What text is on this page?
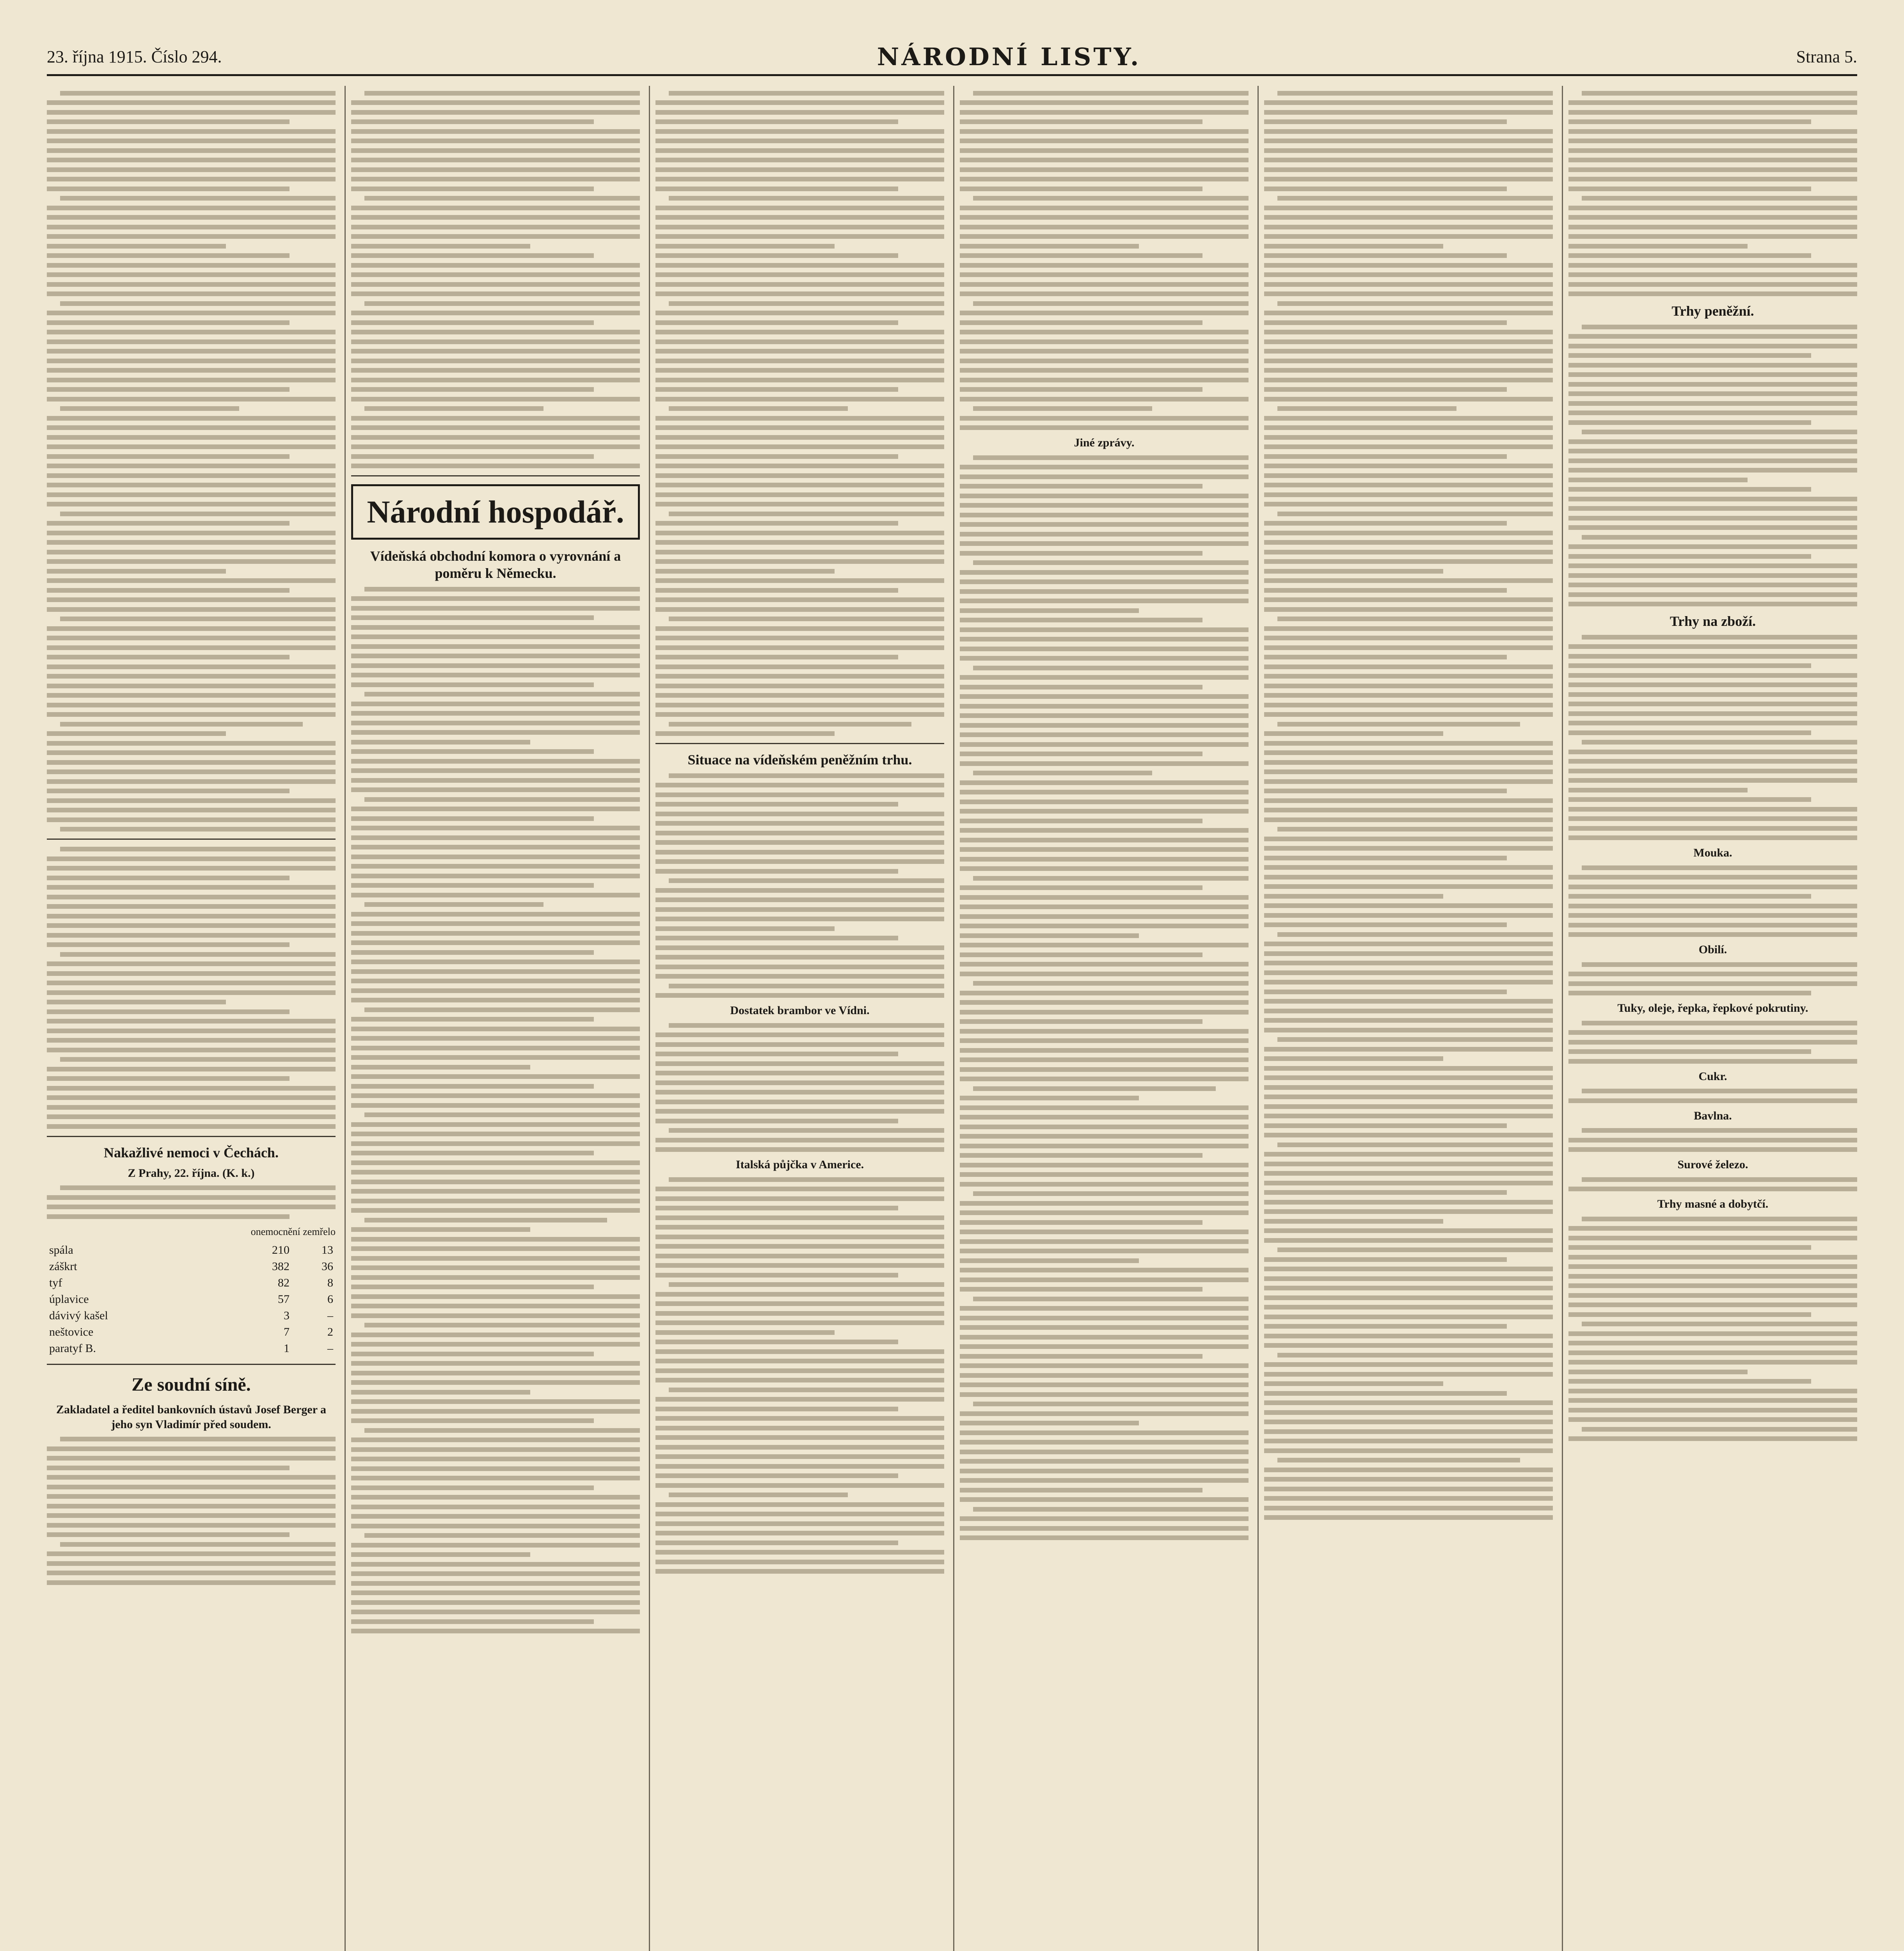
23. října 1915. Číslo 294.	NÁRODNÍ LISTY.	Strana 5.
Nakažlivé nemoci v Čechách.
Z Prahy, 22. října. (K. k.)
onemocnění zemřelo
spála	210	13
záškrt	382	36
tyf	82	8
úplavice	57	6
dávivý kašel	3	–
neštovice	7	2
paratyf B.	1	–
Ze soudní síně.
Zakladatel a ředitel bankovních ústavů Josef Berger a jeho syn Vladimír před soudem.
Národní hospodář.
Vídeňská obchodní komora o vyrovnání a poměru k Německu.
Situace na vídeňském peněžním trhu.
Dostatek brambor ve Vídni.
Italská půjčka v Americe.
Jiné zprávy.
Trhy peněžní.
Trhy na zboží.
Mouka.
Obilí.
Tuky, oleje, řepka, řepkové pokrutiny.
Cukr.
Bavlna.
Surové železo.
Trhy masné a dobytčí.
